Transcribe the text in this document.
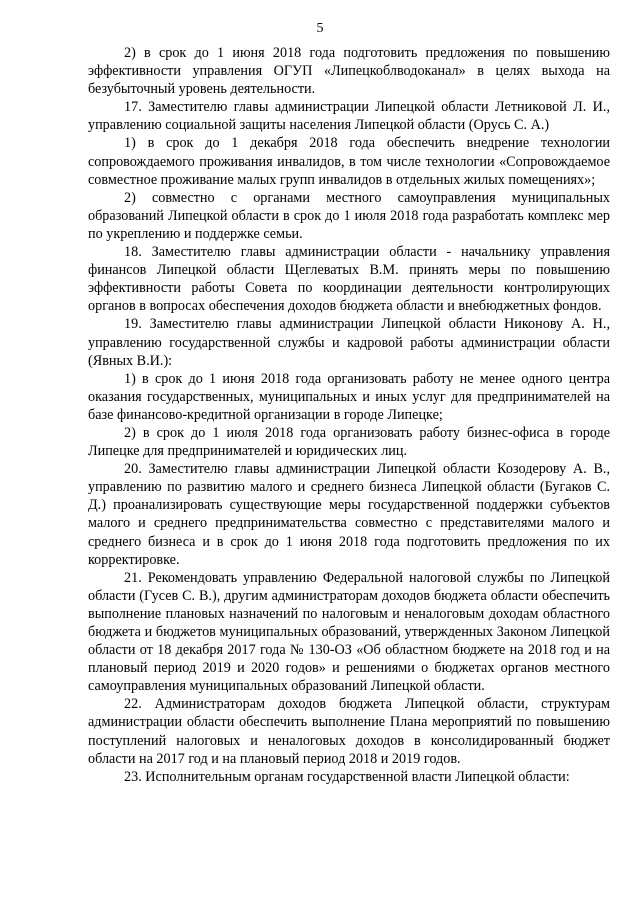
5

2) в срок до 1 июня 2018 года подготовить предложения по повышению эффективности управления ОГУП «Липецкоблводоканал» в целях выхода на безубыточный уровень деятельности.

17. Заместителю главы администрации Липецкой области Летниковой Л. И., управлению социальной защиты населения Липецкой области (Орусь С. А.)

1) в срок до 1 декабря 2018 года обеспечить внедрение технологии сопровождаемого проживания инвалидов, в том числе технологии «Сопровождаемое совместное проживание малых групп инвалидов в отдельных жилых помещениях»;

2) совместно с органами местного самоуправления муниципальных образований Липецкой области в срок до 1 июля 2018 года разработать комплекс мер по укреплению и поддержке семьи.

18. Заместителю главы администрации области - начальнику управления финансов Липецкой области Щеглеватых В.М. принять меры по повышению эффективности работы Совета по координации деятельности контролирующих органов в вопросах обеспечения доходов бюджета области и внебюджетных фондов.

19. Заместителю главы администрации Липецкой области Никонову А. Н., управлению государственной службы и кадровой работы администрации области (Явных В.И.):

1) в срок до 1 июня 2018 года организовать работу не менее одного центра оказания государственных, муниципальных и иных услуг для предпринимателей на базе финансово-кредитной организации в городе Липецке;

2) в срок до 1 июля 2018 года организовать работу бизнес-офиса в городе Липецке для предпринимателей и юридических лиц.

20. Заместителю главы администрации Липецкой области Козодерову А. В., управлению по развитию малого и среднего бизнеса Липецкой области (Бугаков С. Д.) проанализировать существующие меры государственной поддержки субъектов малого и среднего предпринимательства совместно с представителями малого и среднего бизнеса и в срок до 1 июня 2018 года подготовить предложения по их корректировке.

21. Рекомендовать управлению Федеральной налоговой службы по Липецкой области (Гусев С. В.), другим администраторам доходов бюджета области обеспечить выполнение плановых назначений по налоговым и неналоговым доходам областного бюджета и бюджетов муниципальных образований, утвержденных Законом Липецкой области от 18 декабря 2017 года № 130-ОЗ «Об областном бюджете на 2018 год и на плановый период 2019 и 2020 годов» и решениями о бюджетах органов местного самоуправления муниципальных образований Липецкой области.

22. Администраторам доходов бюджета Липецкой области, структурам администрации области обеспечить выполнение Плана мероприятий по повышению поступлений налоговых и неналоговых доходов в консолидированный бюджет области на 2017 год и на плановый период 2018 и 2019 годов.

23. Исполнительным органам государственной власти Липецкой области:
